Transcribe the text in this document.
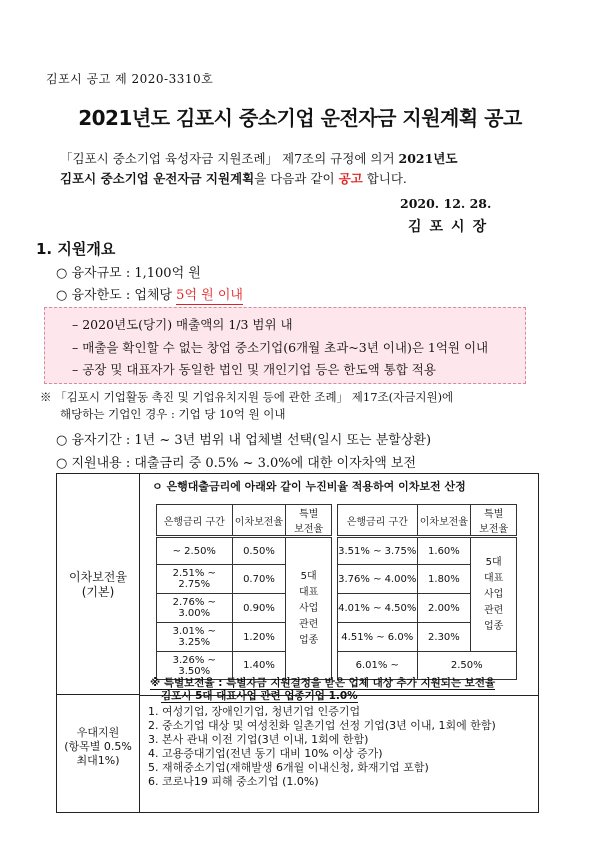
김포시 공고 제 2020-3310호
2021년도 김포시 중소기업 운전자금 지원계획 공고
「김포시 중소기업 육성자금 지원조례」 제7조의 규정에 의거 2021년도
김포시 중소기업 운전자금 지원계획을 다음과 같이 공고 합니다.
2020. 12. 28.
김포시장
1. 지원개요
○ 융자규모 : 1,100억 원
○ 융자한도 : 업체당 5억 원 이내
– 2020년도(당기) 매출액의 1/3 범위 내
– 매출을 확인할 수 없는 창업 중소기업(6개월 초과~3년 이내)은 1억원 이내
– 공장 및 대표자가 동일한 법인 및 개인기업 등은 한도액 통합 적용
※ 「김포시 기업활동 촉진 및 기업유치지원 등에 관한 조례」 제17조(자금지원)에
해당하는 기업인 경우 : 기업 당 10억 원 이내
○ 융자기간 : 1년 ~ 3년 범위 내 업체별 선택(일시 또는 분할상환)
○ 지원내용 : 대출금리 중 0.5% ~ 3.0%에 대한 이자차액 보전
이차보전율
(기본)
우대지원
(항목별 0.5%
최대1%)
ㅇ 은행대출금리에 아래와 같이 누진비율 적용하여 이차보전 산정
은행금리 구간	이차보전율	특별
보전율

~ 2.50%	0.50%	5대
대표
사업
관련
업종

2.51% ~ 2.75%	0.70%	
2.76% ~ 3.00%	0.90%	
3.01% ~ 3.25%	1.20%	
3.26% ~ 3.50%	1.40%	
은행금리 구간	이차보전율	특별
보전율

3.51% ~ 3.75%	1.60%	5대
대표
사업
관련
업종

3.76% ~ 4.00%	1.80%	
4.01% ~ 4.50%	2.00%	
4.51% ~ 6.0%	2.30%	
6.01% ~	2.50%	
※ 특별보전율 : 특별자금 지원결정을 받은 업체 대상 추가 지원되는 보전율
김포시 5대 대표사업 관련 업종기업 1.0%
1. 여성기업, 장애인기업, 청년기업 인증기업
2. 중소기업 대상 및 여성친화 일촌기업 선정 기업(3년 이내, 1회에 한함)
3. 본사 관내 이전 기업(3년 이내, 1회에 한함)
4. 고용증대기업(전년 동기 대비 10% 이상 증가)
5. 재해중소기업(재해발생 6개월 이내신청, 화재기업 포함)
6. 코로나19 피해 중소기업 (1.0%)
